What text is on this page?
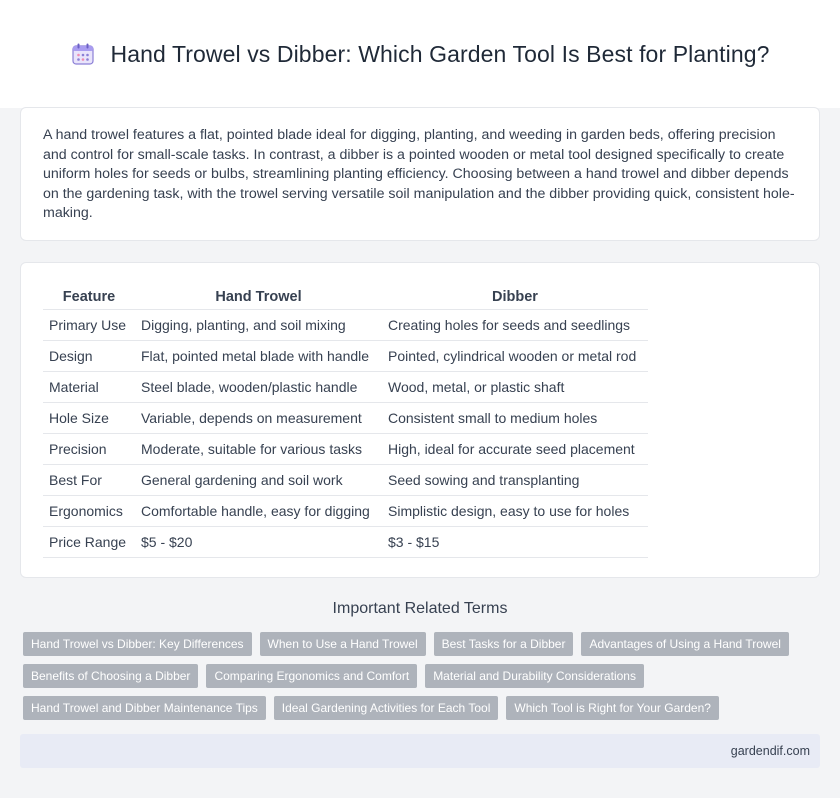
Hand Trowel vs Dibber: Which Garden Tool Is Best for Planting?

A hand trowel features a flat, pointed blade ideal for digging, planting, and weeding in garden beds, offering precision and control for small-scale tasks. In contrast, a dibber is a pointed wooden or metal tool designed specifically to create uniform holes for seeds or bulbs, streamlining planting efficiency. Choosing between a hand trowel and dibber depends on the gardening task, with the trowel serving versatile soil manipulation and the dibber providing quick, consistent hole-making.

Feature	Hand Trowel	Dibber
Primary Use	Digging, planting, and soil mixing	Creating holes for seeds and seedlings
Design	Flat, pointed metal blade with handle	Pointed, cylindrical wooden or metal rod
Material	Steel blade, wooden/plastic handle	Wood, metal, or plastic shaft
Hole Size	Variable, depends on measurement	Consistent small to medium holes
Precision	Moderate, suitable for various tasks	High, ideal for accurate seed placement
Best For	General gardening and soil work	Seed sowing and transplanting
Ergonomics	Comfortable handle, easy for digging	Simplistic design, easy to use for holes
Price Range	$5 - $20	$3 - $15
Important Related Terms
Hand Trowel vs Dibber: Key Differences	When to Use a Hand Trowel	Best Tasks for a Dibber	Advantages of Using a Hand Trowel
Benefits of Choosing a Dibber	Comparing Ergonomics and Comfort	Material and Durability Considerations
Hand Trowel and Dibber Maintenance Tips	Ideal Gardening Activities for Each Tool	Which Tool is Right for Your Garden?
gardendif.com
